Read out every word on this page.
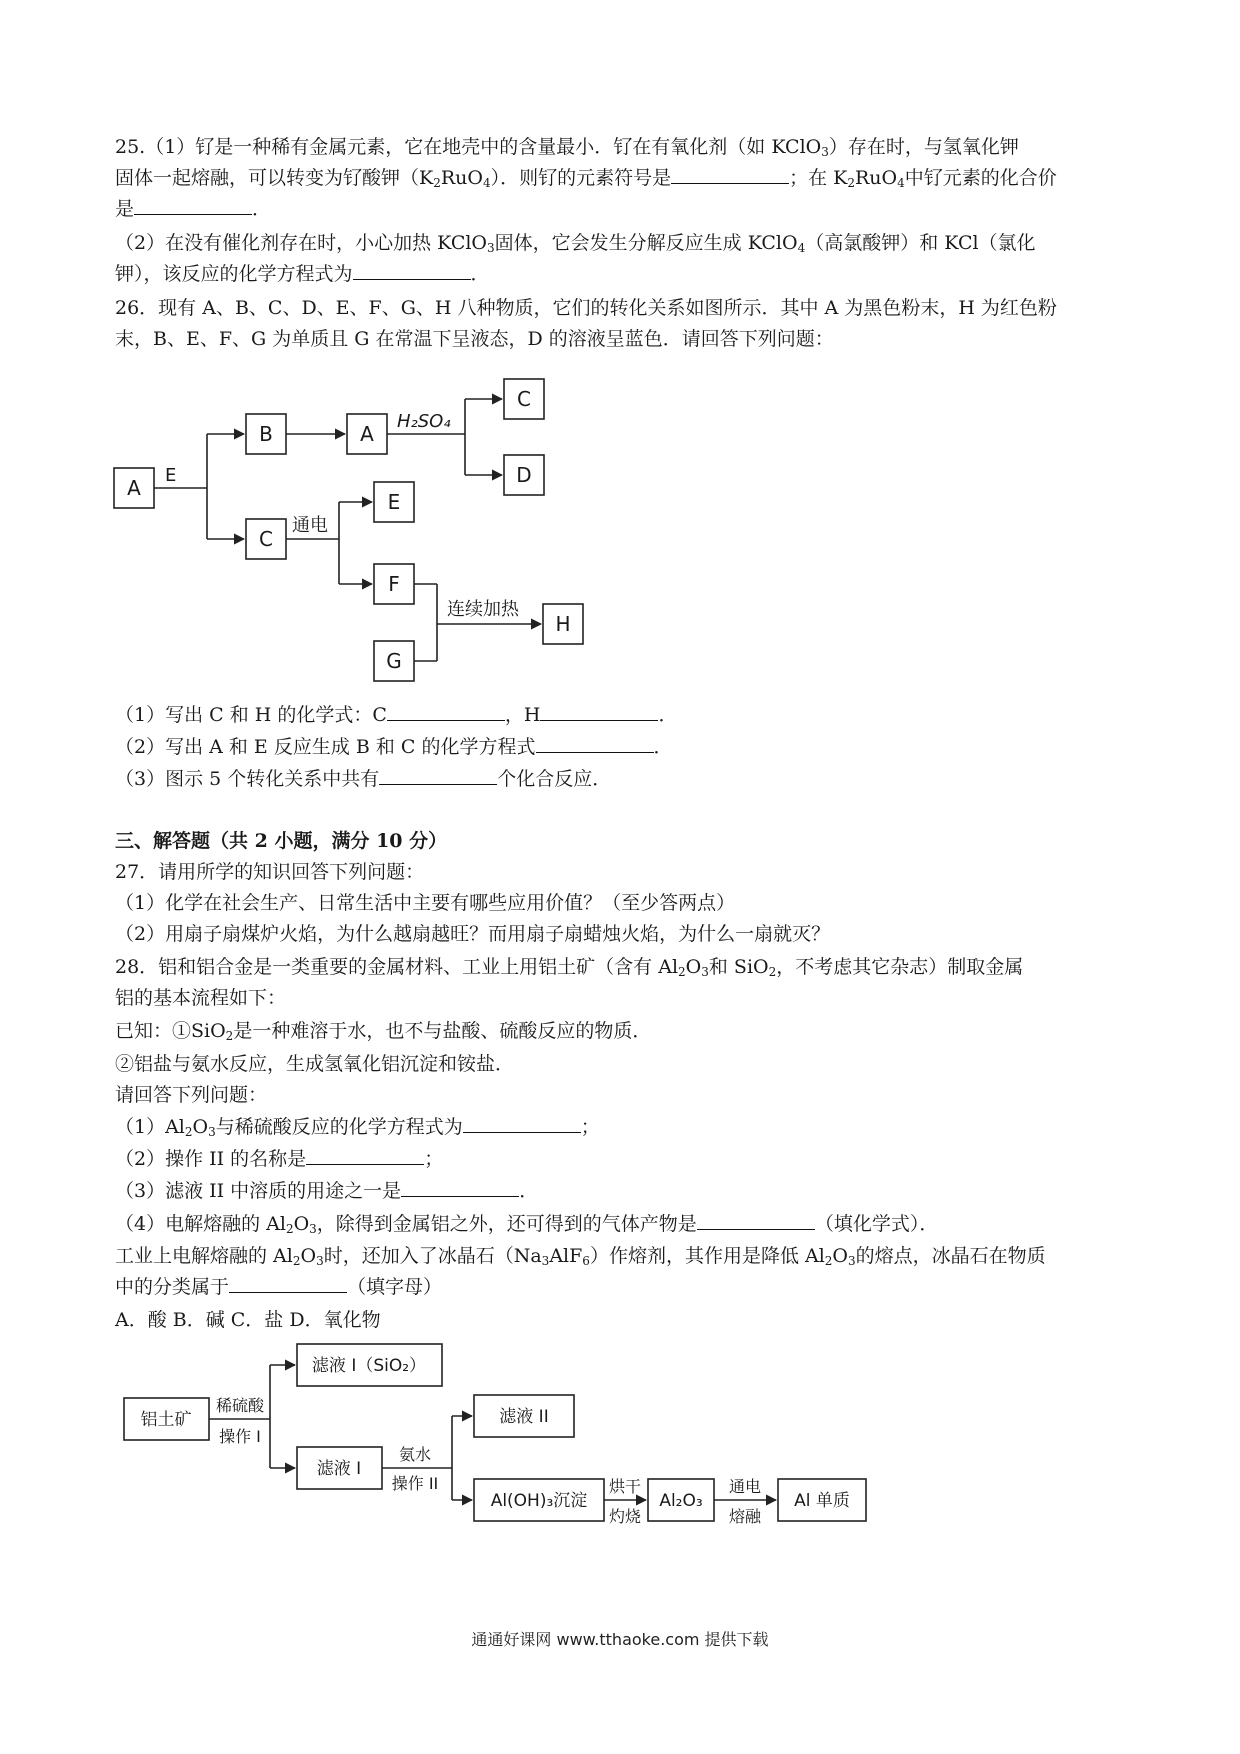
25.（1）钌是一种稀有金属元素，它在地壳中的含量最小．钌在有氧化剂（如 KClO$_3$）存在时，与氢氧化钾
固体一起熔融，可以转变为钌酸钾$(K_2RuO_4)$．则钌的元素符号是	；在 $K_2RuO_4$中钌元素的化合价
是	．
（2）在没有催化剂存在时，小心加热 KClO$_3$固体，它会发生分解反应生成 KClO$_4$（高氯酸钾）和 KCl（氯化
钾），该反应的化学方程式为	．
26．现有 A、B、C、D、E、F、G、H 八种物质，它们的转化关系如图所示．其中 A 为黑色粉末，H 为红色粉
末，B、E、F、G 为单质且 G 在常温下呈液态，D 的溶液呈蓝色．请回答下列问题：
A
B	A
C
D
C
E
F
G
H
E
H₂SO₄
通电
连续加热
（1）写出 C 和 H 的化学式：C	，H	．
（2）写出 A 和 E 反应生成 B 和 C 的化学方程式	．
（3）图示 5 个转化关系中共有	个化合反应．
三、解答题（共 2 小题，满分 10 分）
27．请用所学的知识回答下列问题：
（1）化学在社会生产、日常生活中主要有哪些应用价值？（至少答两点）
（2）用扇子扇煤炉火焰，为什么越扇越旺？而用扇子扇蜡烛火焰，为什么一扇就灭？
28．铝和铝合金是一类重要的金属材料、工业上用铝土矿（含有 $Al_2O_3$和 SiO$_2$，不考虑其它杂志）制取金属
铝的基本流程如下：
已知：①SiO$_2$是一种难溶于水，也不与盐酸、硫酸反应的物质．
②铝盐与氨水反应，生成氢氧化铝沉淀和铵盐．
请回答下列问题：
$(1)Al_2O_3$与稀硫酸反应的化学方程式为	；
（2）操作 II 的名称是	；
（3）滤液 II 中溶质的用途之一是	．
（4）电解熔融的 $Al_2O_3$，除得到金属铝之外，还可得到的气体产物是	（填化学式）．
工业上电解熔融的 $Al_2O_3$时，还加入了冰晶石$(Na_3AlF_6)$作熔剂，其作用是降低 $Al_2O_3$的熔点，冰晶石在物质
中的分类属于	（填字母）
A．酸 B．碱 C．盐 D．氧化物
铝土矿
滤液 I（SiO₂）
滤液 I
滤液 II
Al(OH)₃沉淀	Al₂O₃	Al 单质
稀硫酸
操作 I
氨水
操作 II	烘干
灼烧
通电
熔融
通通好课网 www.tthaoke.com 提供下载
